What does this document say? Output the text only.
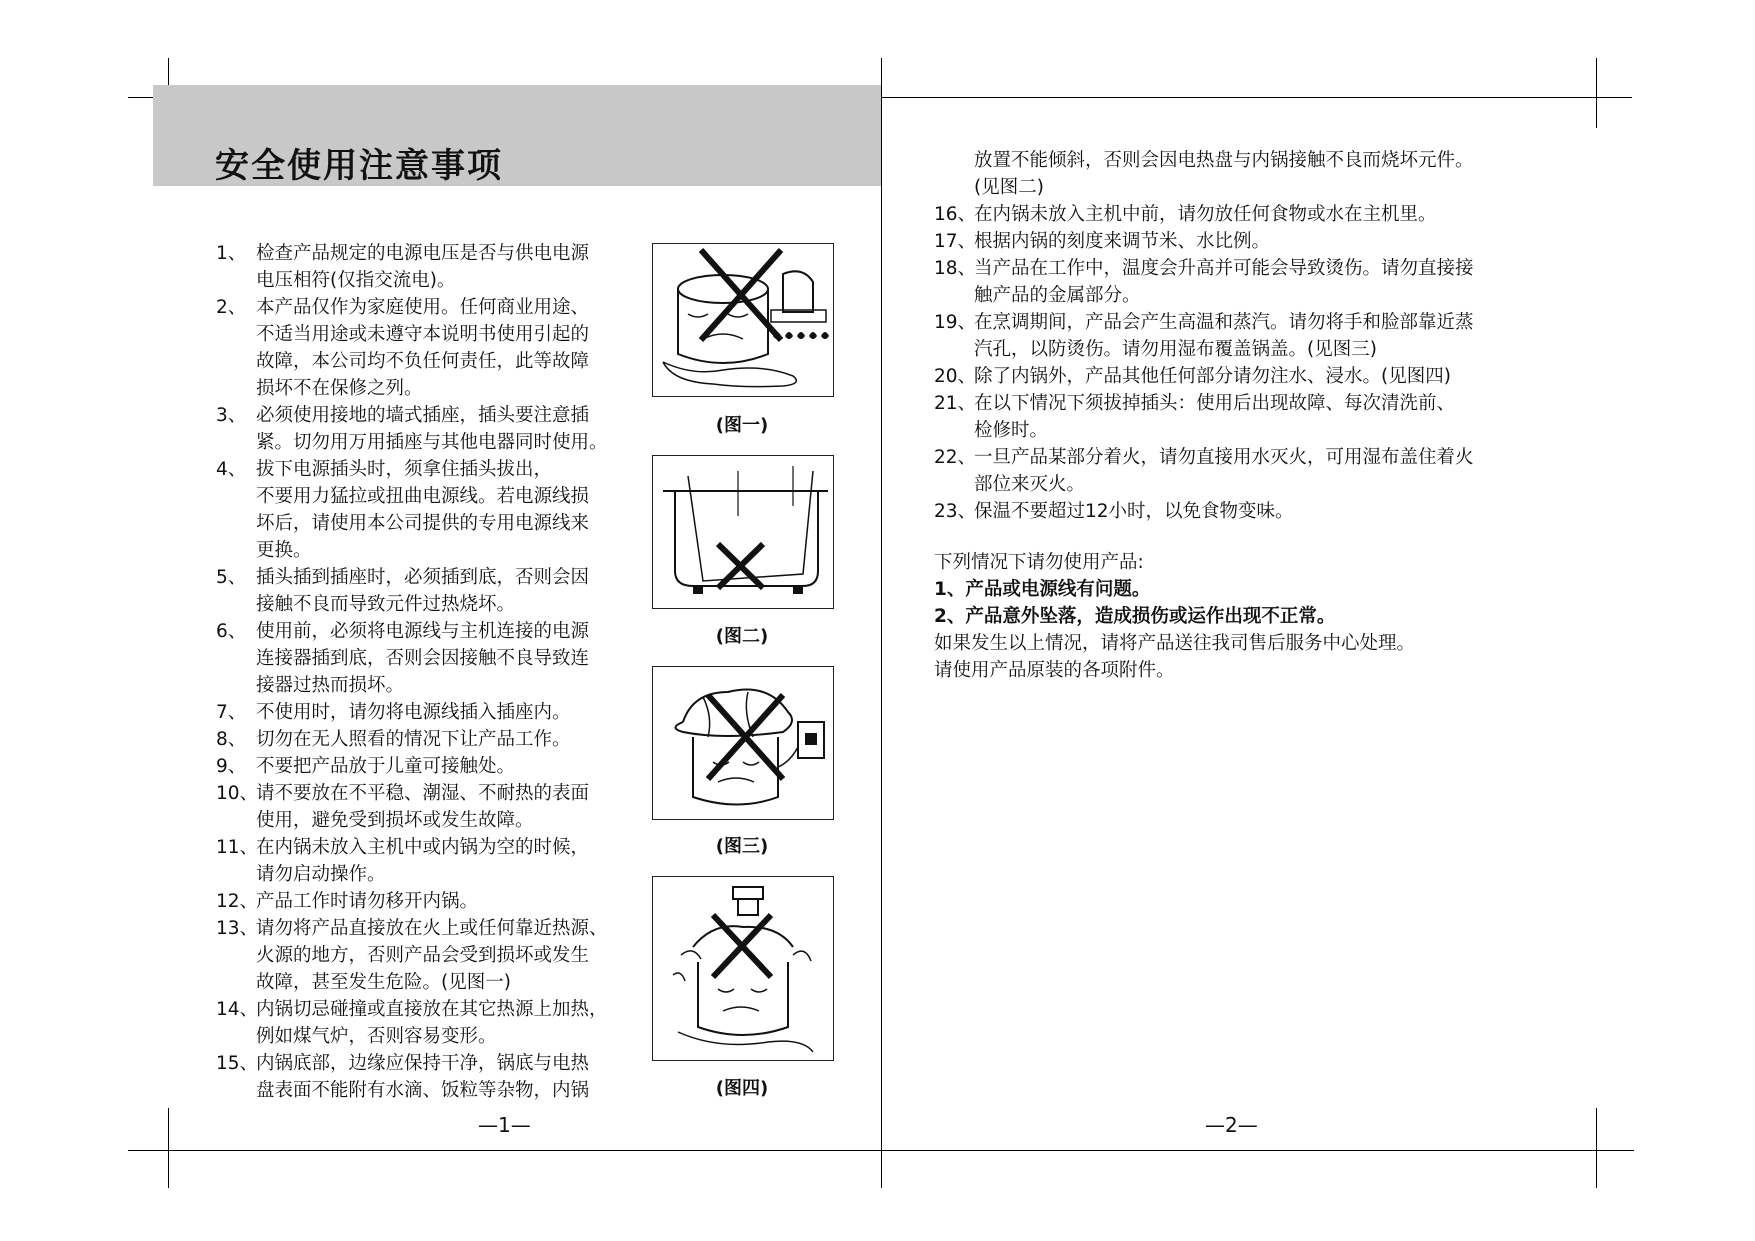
安全使用注意事项
1、 检查产品规定的电源电压是否与供电电源
电压相符(仅指交流电)。
2、 本产品仅作为家庭使用。任何商业用途、
不适当用途或未遵守本说明书使用引起的
故障，本公司均不负任何责任，此等故障
损坏不在保修之列。
3、 必须使用接地的墙式插座，插头要注意插
紧。切勿用万用插座与其他电器同时使用。
4、 拔下电源插头时，须拿住插头拔出，
不要用力猛拉或扭曲电源线。若电源线损
坏后，请使用本公司提供的专用电源线来
更换。
5、 插头插到插座时，必须插到底，否则会因
接触不良而导致元件过热烧坏。
6、 使用前，必须将电源线与主机连接的电源
连接器插到底，否则会因接触不良导致连
接器过热而损坏。
7、 不使用时，请勿将电源线插入插座内。
8、 切勿在无人照看的情况下让产品工作。
9、 不要把产品放于儿童可接触处。
10、
请不要放在不平稳、潮湿、不耐热的表面
使用，避免受到损坏或发生故障。
11、
在内锅未放入主机中或内锅为空的时候，
请勿启动操作。
12、
产品工作时请勿移开内锅。
13、
请勿将产品直接放在火上或任何靠近热源、
火源的地方，否则产品会受到损坏或发生
故障，甚至发生危险。(见图一)
14、
内锅切忌碰撞或直接放在其它热源上加热，
例如煤气炉，否则容易变形。
15、
内锅底部，边缘应保持干净，锅底与电热
盘表面不能附有水滴、饭粒等杂物，内锅
放置不能倾斜，否则会因电热盘与内锅接触不良而烧坏元件。
(见图二)
16、
在内锅未放入主机中前，请勿放任何食物或水在主机里。
17、
根据内锅的刻度来调节米、水比例。
18、
当产品在工作中，温度会升高并可能会导致烫伤。请勿直接接
触产品的金属部分。
19、
在烹调期间，产品会产生高温和蒸汽。请勿将手和脸部靠近蒸
汽孔，以防烫伤。请勿用湿布覆盖锅盖。(见图三)
20、
除了内锅外，产品其他任何部分请勿注水、浸水。(见图四)
21、
在以下情况下须拔掉插头：使用后出现故障、每次清洗前、
检修时。
22、
一旦产品某部分着火，请勿直接用水灭火，可用湿布盖住着火
部位来灭火。
23、
保温不要超过12小时，以免食物变味。
下列情况下请勿使用产品:
1、产品或电源线有问题。
2、产品意外坠落，造成损伤或运作出现不正常。
如果发生以上情况，请将产品送往我司售后服务中心处理。
请使用产品原装的各项附件。
(图一)
(图二)
(图三)
(图四)
—1—	—2—
